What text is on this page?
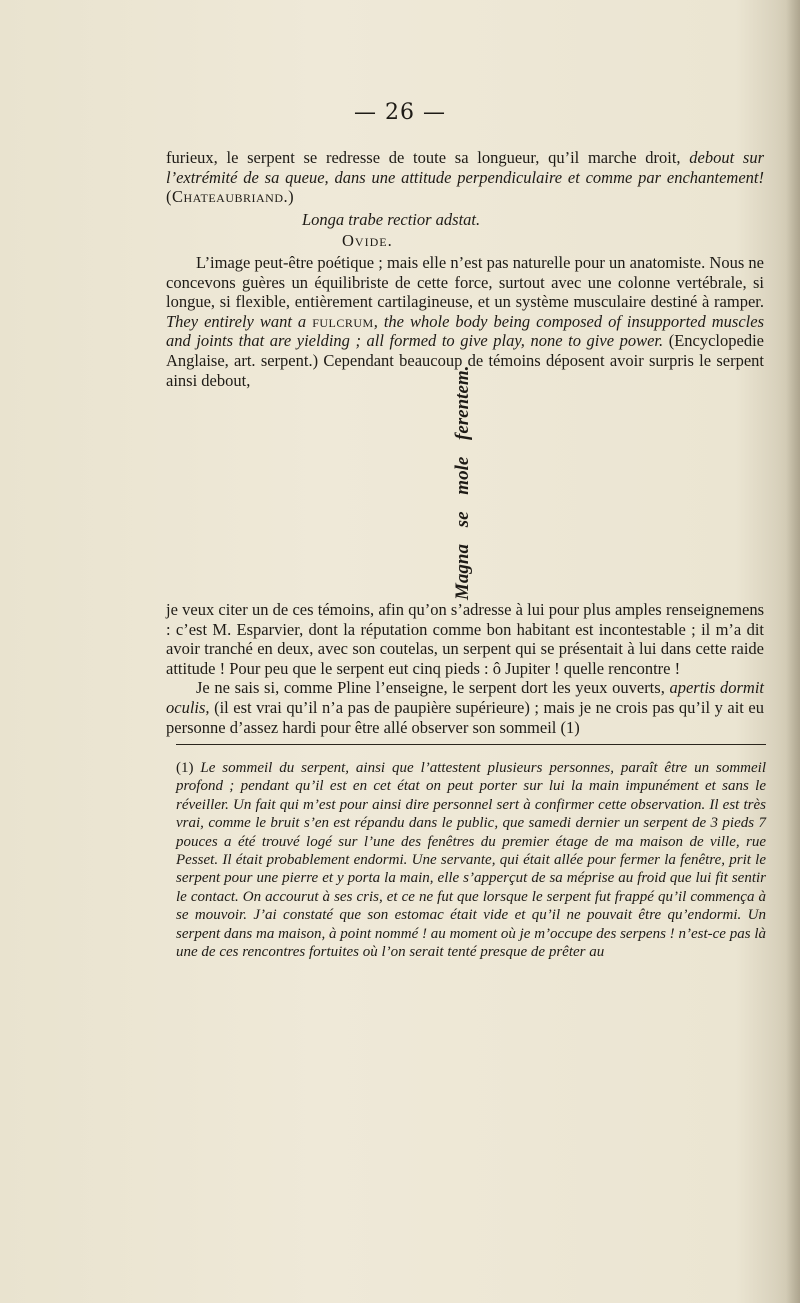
— 26 —

furieux, le serpent se redresse de toute sa longueur, qu’il marche droit, debout sur l’extrémité de sa queue, dans une attitude perpendiculaire et comme par enchantement! (Chateaubriand.)

Longa trabe rectior adstat.

Ovide.

L’image peut-être poétique ; mais elle n’est pas naturelle pour un anatomiste. Nous ne concevons guères un équilibriste de cette force, surtout avec une colonne vertébrale, si longue, si flexible, entièrement cartilagineuse, et un système musculaire destiné à ramper. They entirely want a fulcrum, the whole body being composed of insupported muscles and joints that are yielding ; all formed to give play, none to give power. (Encyclopedie Anglaise, art. serpent.) Cependant beaucoup de témoins déposent avoir surpris le serpent ainsi debout,	Magna se mole ferentem.

je veux citer un de ces témoins, afin qu’on s’adresse à lui pour plus amples renseignemens : c’est M. Esparvier, dont la réputation comme bon habitant est incontestable ; il m’a dit avoir tranché en deux, avec son coutelas, un serpent qui se présentait à lui dans cette raide attitude ! Pour peu que le serpent eut cinq pieds : ô Jupiter ! quelle rencontre !

Je ne sais si, comme Pline l’enseigne, le serpent dort les yeux ouverts, apertis dormit oculis, (il est vrai qu’il n’a pas de paupière supérieure) ; mais je ne crois pas qu’il y ait eu personne d’assez hardi pour être allé observer son sommeil (1)

(1) Le sommeil du serpent, ainsi que l’attestent plusieurs personnes, paraît être un sommeil profond ; pendant qu’il est en cet état on peut porter sur lui la main impunément et sans le réveiller. Un fait qui m’est pour ainsi dire personnel sert à confirmer cette observation. Il est très vrai, comme le bruit s’en est répandu dans le public, que samedi dernier un serpent de 3 pieds 7 pouces a été trouvé logé sur l’une des fenêtres du premier étage de ma maison de ville, rue Pesset. Il était probablement endormi. Une servante, qui était allée pour fermer la fenêtre, prit le serpent pour une pierre et y porta la main, elle s’apperçut de sa méprise au froid que lui fit sentir le contact. On accourut à ses cris, et ce ne fut que lorsque le serpent fut frappé qu’il commença à se mouvoir. J’ai constaté que son estomac était vide et qu’il ne pouvait être qu’endormi. Un serpent dans ma maison, à point nommé ! au moment où je m’occupe des serpens ! n’est-ce pas là une de ces rencontres fortuites où l’on serait tenté presque de prêter au
